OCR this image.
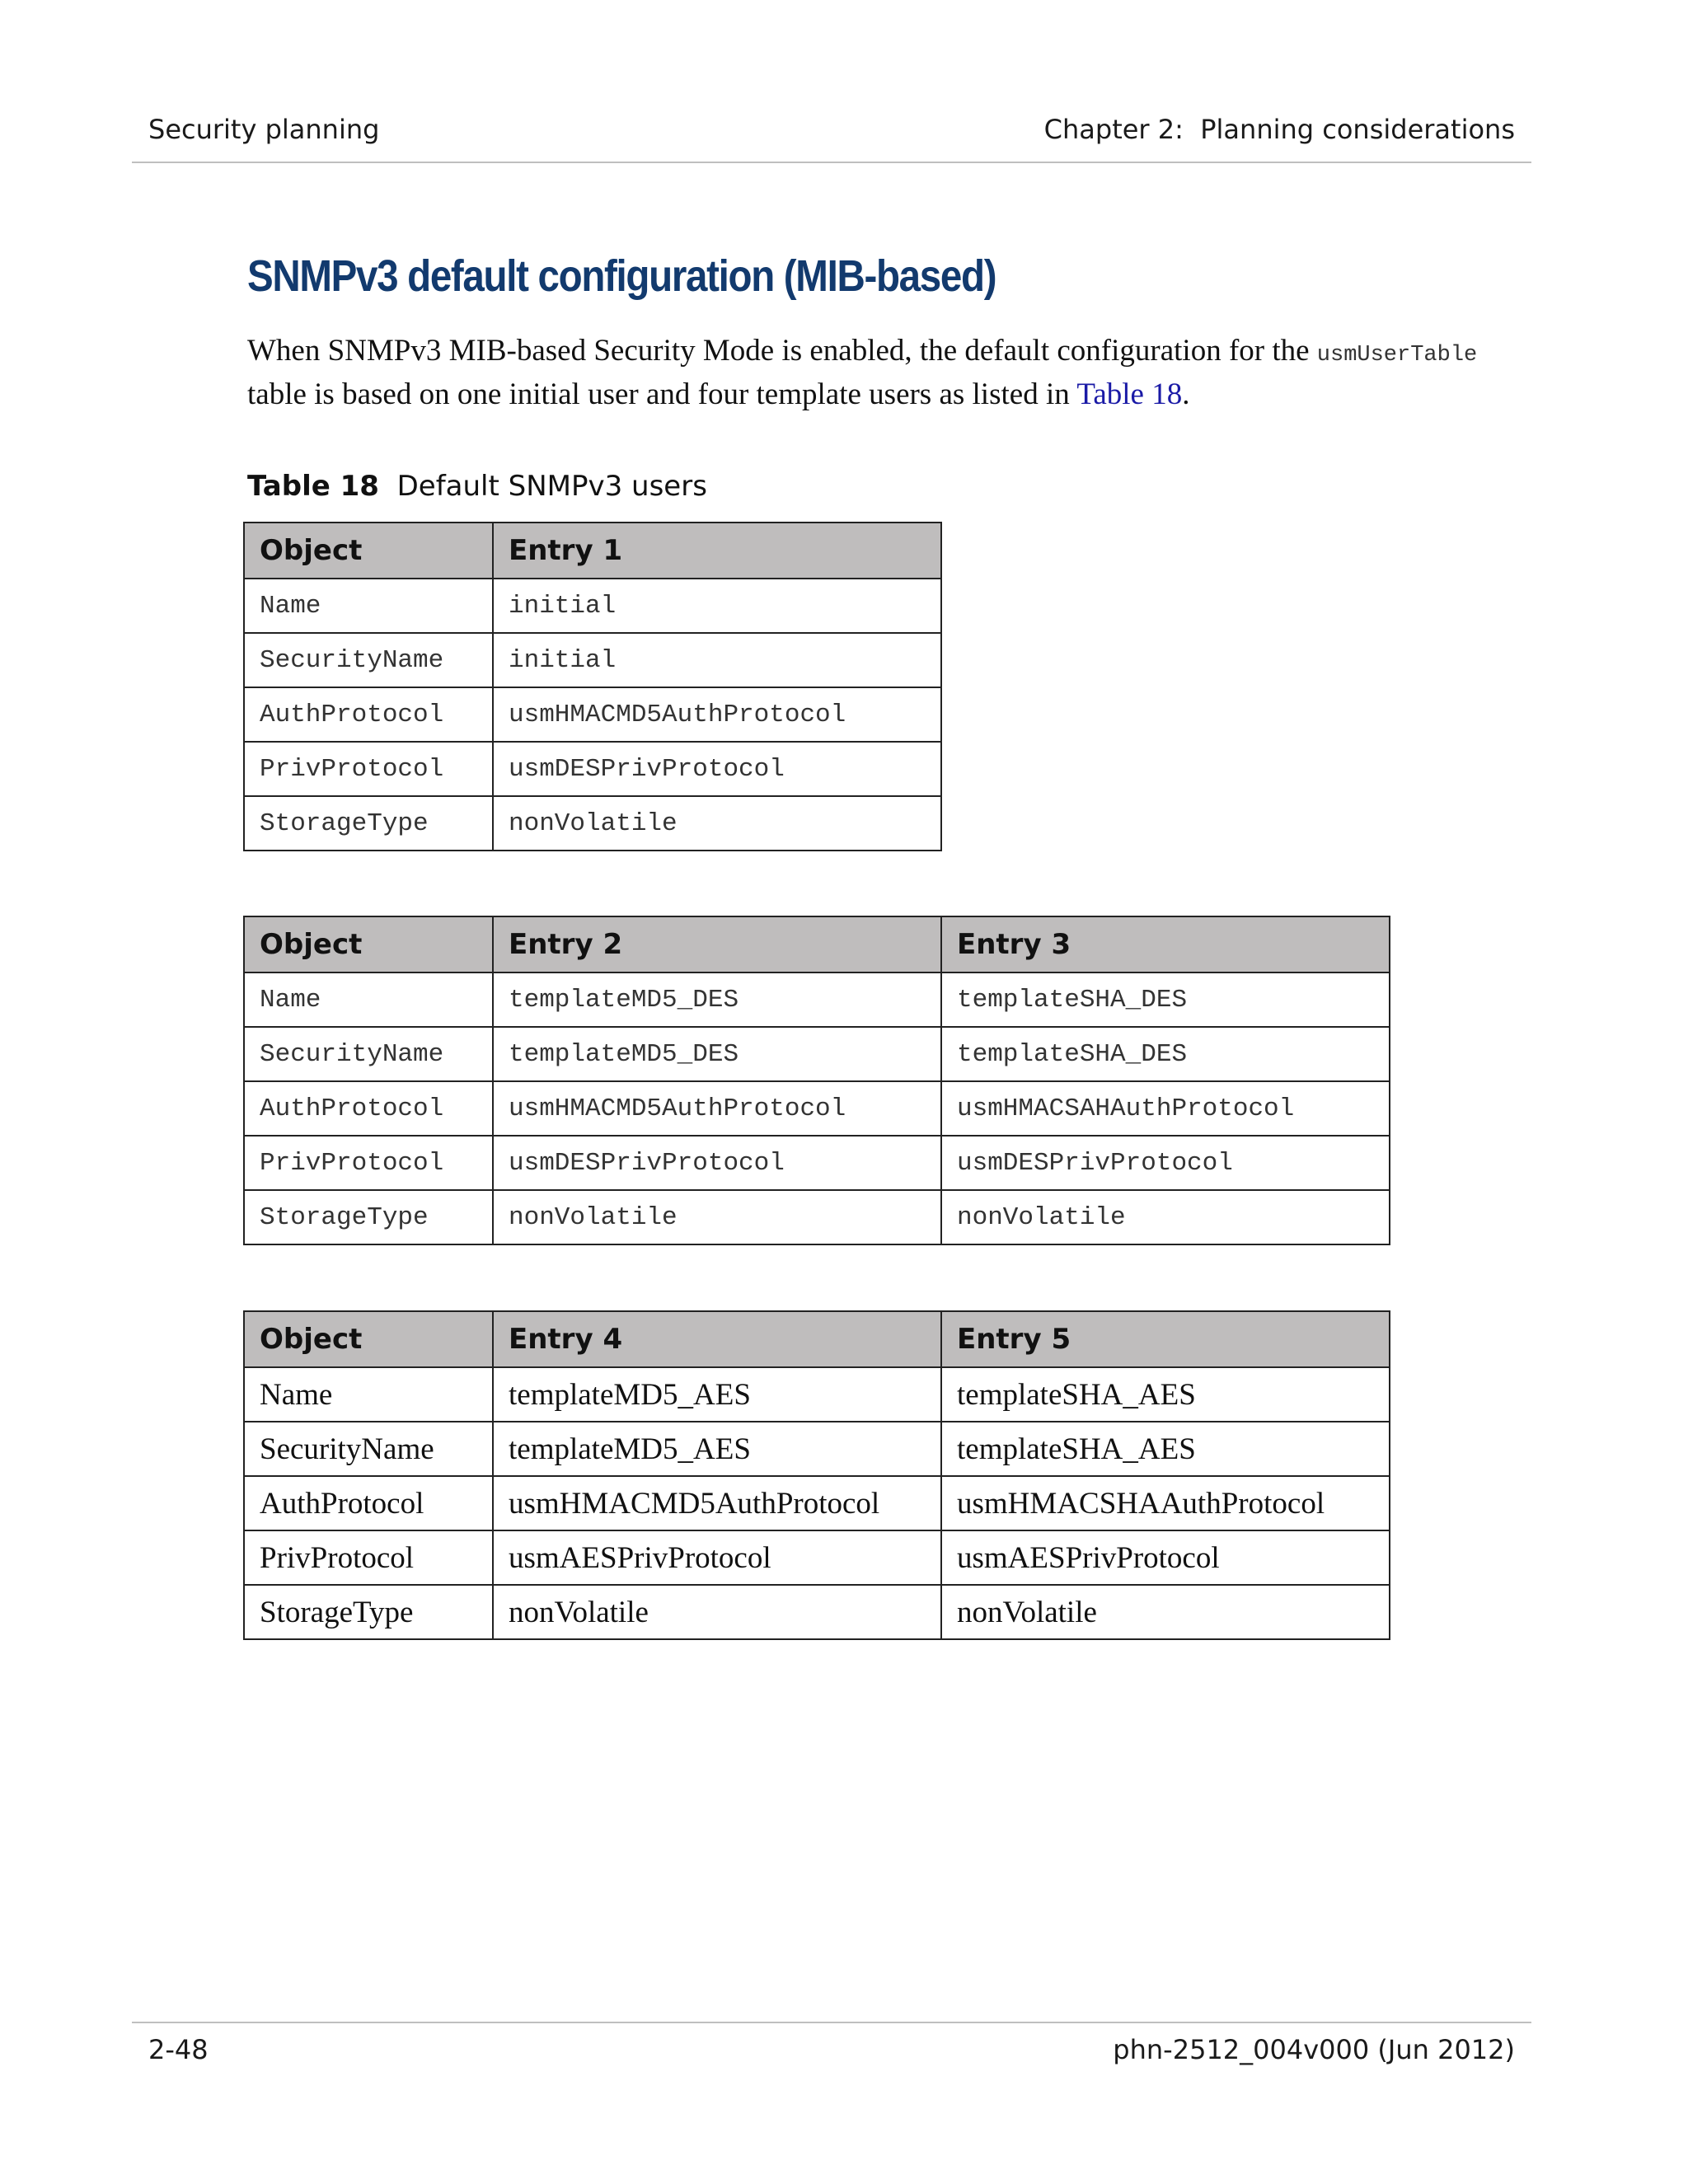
Security planning	Chapter 2:  Planning considerations
SNMPv3 default configuration (MIB-based)

When SNMPv3 MIB-based Security Mode is enabled, the default configuration for the usmUserTable table is based on one initial user and four template users as listed in Table 18.

Table 18 Default SNMPv3 users

Object	Entry 1
Name	initial
SecurityName	initial
AuthProtocol	usmHMACMD5AuthProtocol
PrivProtocol	usmDESPrivProtocol
StorageType	nonVolatile
Object	Entry 2	Entry 3
Name	templateMD5_DES	templateSHA_DES
SecurityName	templateMD5_DES	templateSHA_DES
AuthProtocol	usmHMACMD5AuthProtocol	usmHMACSAHAuthProtocol
PrivProtocol	usmDESPrivProtocol	usmDESPrivProtocol
StorageType	nonVolatile	nonVolatile
Object	Entry 4	Entry 5
Name	templateMD5_AES	templateSHA_AES
SecurityName	templateMD5_AES	templateSHA_AES
AuthProtocol	usmHMACMD5AuthProtocol	usmHMACSHAAuthProtocol
PrivProtocol	usmAESPrivProtocol	usmAESPrivProtocol
StorageType	nonVolatile	nonVolatile
2-48	phn-2512_004v000 (Jun 2012)
